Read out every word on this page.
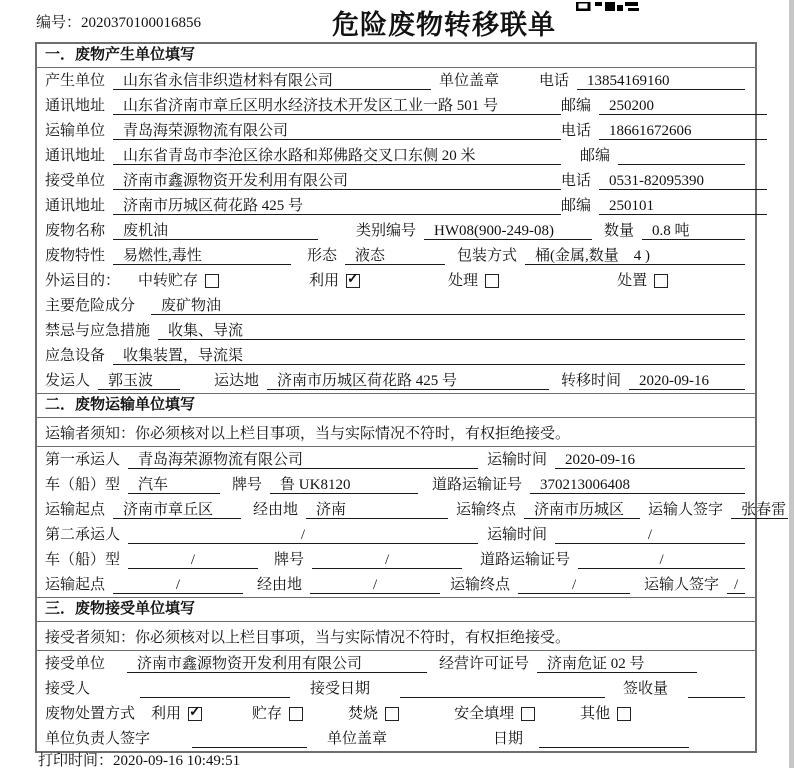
编号：2020370100016856	危险废物转移联单
一．废物产生单位填写
产生单位	山东省永信非织造材料有限公司	单位盖章	电话	13854169160
通讯地址	山东省济南市章丘区明水经济技术开发区工业一路 501 号	邮编	250200
运输单位	青岛海荣源物流有限公司	电话	18661672606
通讯地址	山东省青岛市李沧区徐水路和郑佛路交叉口东侧 20 米	邮编
接受单位	济南市鑫源物资开发利用有限公司	电话	0531-82095390
通讯地址	济南市历城区荷花路 425 号	邮编	250101
废物名称	废机油	类别编号	HW08(900-249-08)	数量	0.8 吨
废物特性	易燃性,毒性	形态	液态	包装方式	桶(金属,数量　4 )
外运目的： 中转贮存	利用 ✓	处理	处置
主要危险成分	废矿物油
禁忌与应急措施	收集、导流
应急设备	收集装置，导流渠
发运人	郭玉波	运达地	济南市历城区荷花路 425 号	转移时间	2020-09-16
二．废物运输单位填写
运输者须知：你必须核对以上栏目事项，当与实际情况不符时，有权拒绝接受。
第一承运人	青岛海荣源物流有限公司	运输时间	2020-09-16
车（船）型	汽车	牌号	鲁 UK8120	道路运输证号	370213006408
运输起点	济南市章丘区	经由地	济南	运输终点	济南市历城区	运输人签字	张春雷
第二承运人	/	运输时间	/
车（船）型	/	牌号	/	道路运输证号	/
运输起点	/	经由地	/	运输终点	/	运输人签字 /
三．废物接受单位填写
接受者须知：你必须核对以上栏目事项，当与实际情况不符时，有权拒绝接受。
接受单位	济南市鑫源物资开发利用有限公司	经营许可证号	济南危证 02 号
接受人	接受日期	签收量
废物处置方式 利用 ✓	贮存	焚烧	安全填埋	其他
单位负责人签字	单位盖章	日期
打印时间：2020-09-16 10:49:51
